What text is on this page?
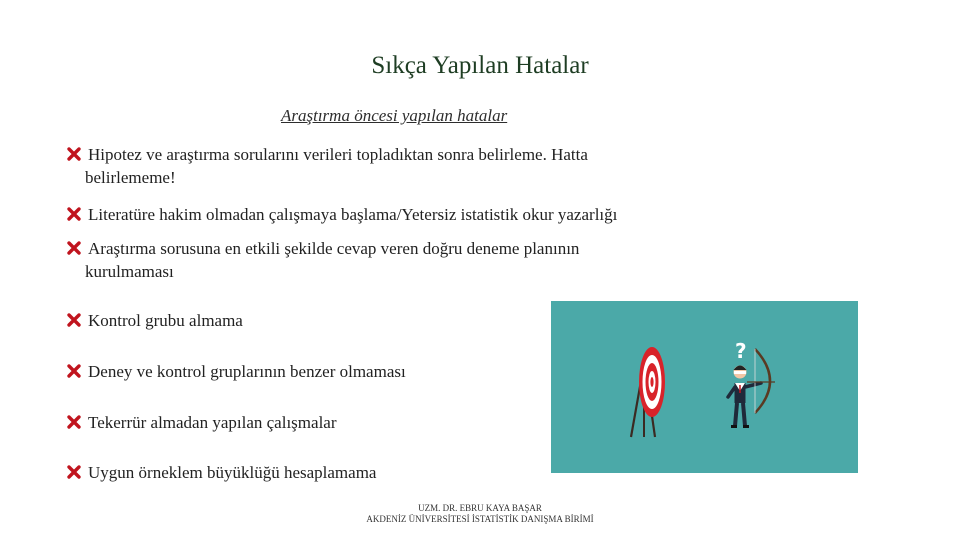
Sıkça Yapılan Hatalar
Araştırma öncesi yapılan hatalar
Hipotez ve araştırma sorularını verileri topladıktan sonra belirleme. Hatta
belirlememe!
Literatüre hakim olmadan çalışmaya başlama/Yetersiz istatistik okur yazarlığı
Araştırma sorusuna en etkili şekilde cevap veren doğru deneme planının
kurulmaması
Kontrol grubu almama
Deney ve kontrol gruplarının benzer olmaması
Tekerrür almadan yapılan çalışmalar
Uygun örneklem büyüklüğü hesaplamama
?
UZM. DR. EBRU KAYA BAŞAR
AKDENİZ ÜNİVERSİTESİ İSTATİSTİK DANIŞMA BİRİMİ
